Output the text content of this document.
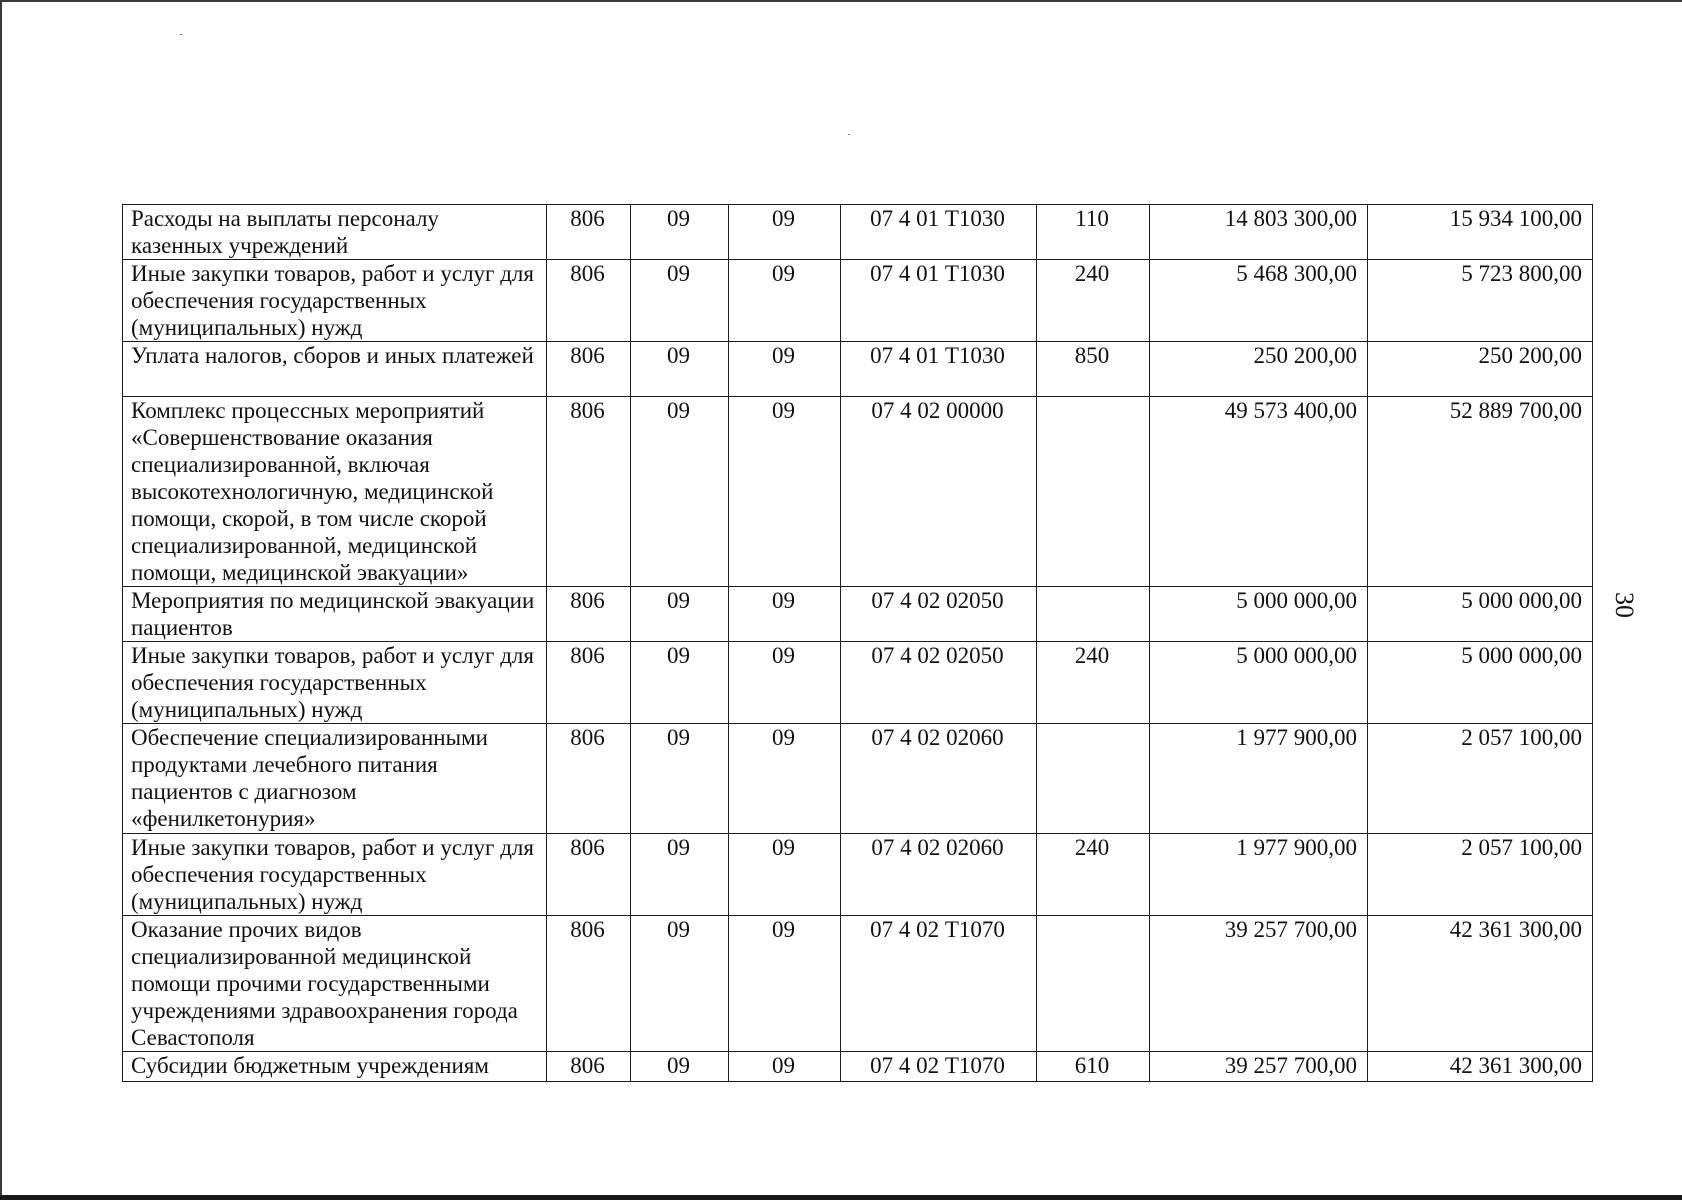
Расходы на выплаты персоналу казенных учреждений	806	09	09	07 4 01 Т1030	110	14 803 300,00	15 934 100,00
Иные закупки товаров, работ и услуг для обеспечения государственных (муниципальных) нужд	806	09	09	07 4 01 Т1030	240	5 468 300,00	5 723 800,00
Уплата налогов, сборов и иных платежей	806	09	09	07 4 01 Т1030	850	250 200,00	250 200,00
Комплекс процессных мероприятий «Совершенствование оказания специализированной, включая высокотехнологичную, медицинской помощи, скорой, в том числе скорой специализированной, медицинской помощи, медицинской эвакуации»	806	09	09	07 4 02 00000		49 573 400,00	52 889 700,00
Мероприятия по медицинской эвакуации пациентов	806	09	09	07 4 02 02050		5 000 000,00	5 000 000,00
Иные закупки товаров, работ и услуг для обеспечения государственных (муниципальных) нужд	806	09	09	07 4 02 02050	240	5 000 000,00	5 000 000,00
Обеспечение специализированными продуктами лечебного питания пациентов с диагнозом «фенилкетонурия»	806	09	09	07 4 02 02060		1 977 900,00	2 057 100,00
Иные закупки товаров, работ и услуг для обеспечения государственных (муниципальных) нужд	806	09	09	07 4 02 02060	240	1 977 900,00	2 057 100,00
Оказание прочих видов специализированной медицинской помощи прочими государственными учреждениями здравоохранения города Севастополя	806	09	09	07 4 02 Т1070		39 257 700,00	42 361 300,00
Субсидии бюджетным учреждениям	806	09	09	07 4 02 Т1070	610	39 257 700,00	42 361 300,00
30
